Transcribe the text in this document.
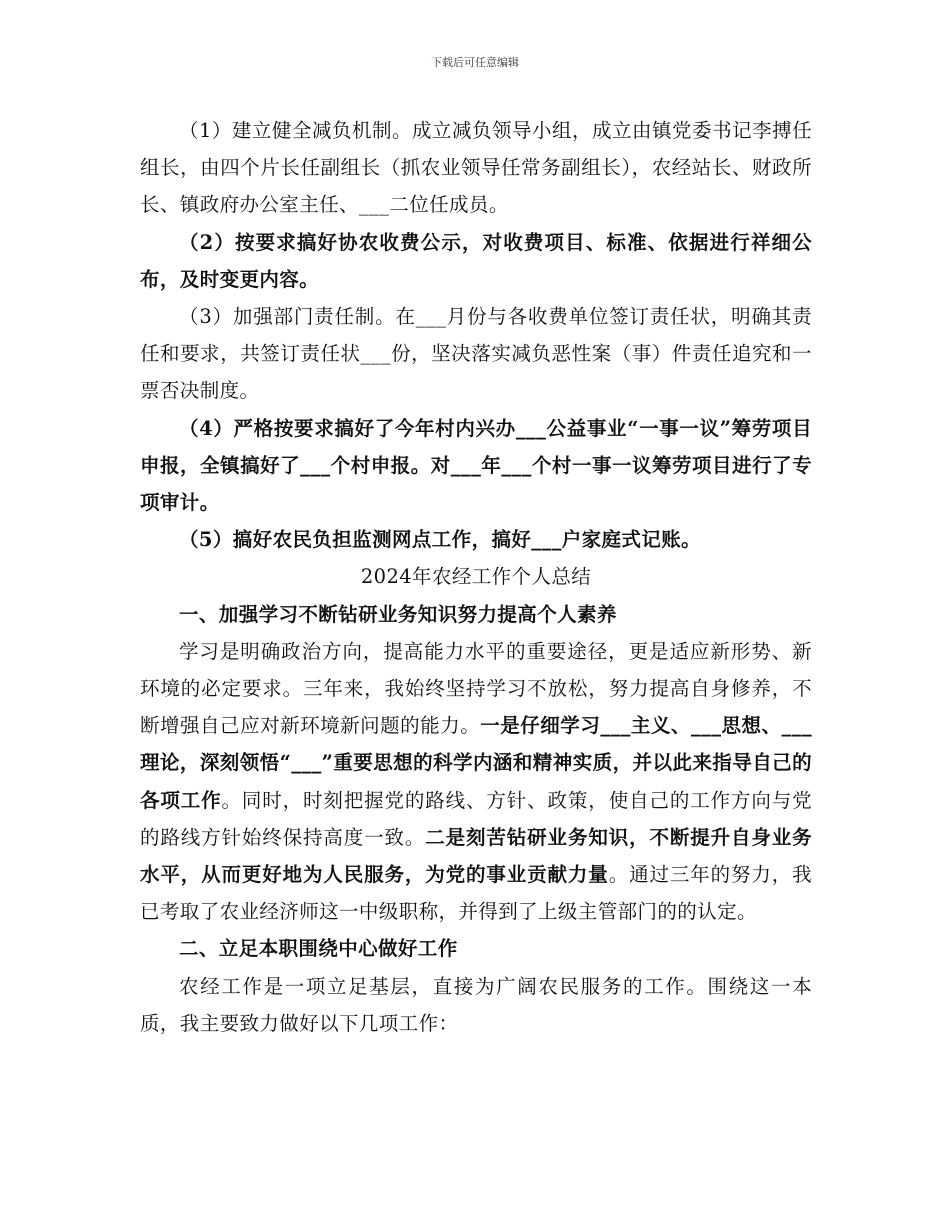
下载后可任意编辑

（1）建立健全减负机制。成立减负领导小组，成立由镇党委书记李搏任组长，由四个片长任副组长（抓农业领导任常务副组长），农经站长、财政所长、镇政府办公室主任、___二位任成员。

（2）按要求搞好协农收费公示，对收费项目、标准、依据进行祥细公布，及时变更内容。

（3）加强部门责任制。在___月份与各收费单位签订责任状，明确其责任和要求，共签订责任状___份，坚决落实减负恶性案（事）件责任追究和一票否决制度。

（4）严格按要求搞好了今年村内兴办___公益事业“一事一议”筹劳项目申报，全镇搞好了___个村申报。对___年___个村一事一议筹劳项目进行了专项审计。

（5）搞好农民负担监测网点工作，搞好___户家庭式记账。

2024年农经工作个人总结

一、加强学习不断钻研业务知识努力提高个人素养

学习是明确政治方向，提高能力水平的重要途径，更是适应新形势、新环境的必定要求。三年来，我始终坚持学习不放松，努力提高自身修养，不断增强自己应对新环境新问题的能力。一是仔细学习___主义、___思想、___理论，深刻领悟“___”重要思想的科学内涵和精神实质，并以此来指导自己的各项工作。同时，时刻把握党的路线、方针、政策，使自己的工作方向与党的路线方针始终保持高度一致。二是刻苦钻研业务知识，不断提升自身业务水平，从而更好地为人民服务，为党的事业贡献力量。通过三年的努力，我已考取了农业经济师这一中级职称，并得到了上级主管部门的的认定。

二、立足本职围绕中心做好工作

农经工作是一项立足基层，直接为广阔农民服务的工作。围绕这一本质，我主要致力做好以下几项工作：
